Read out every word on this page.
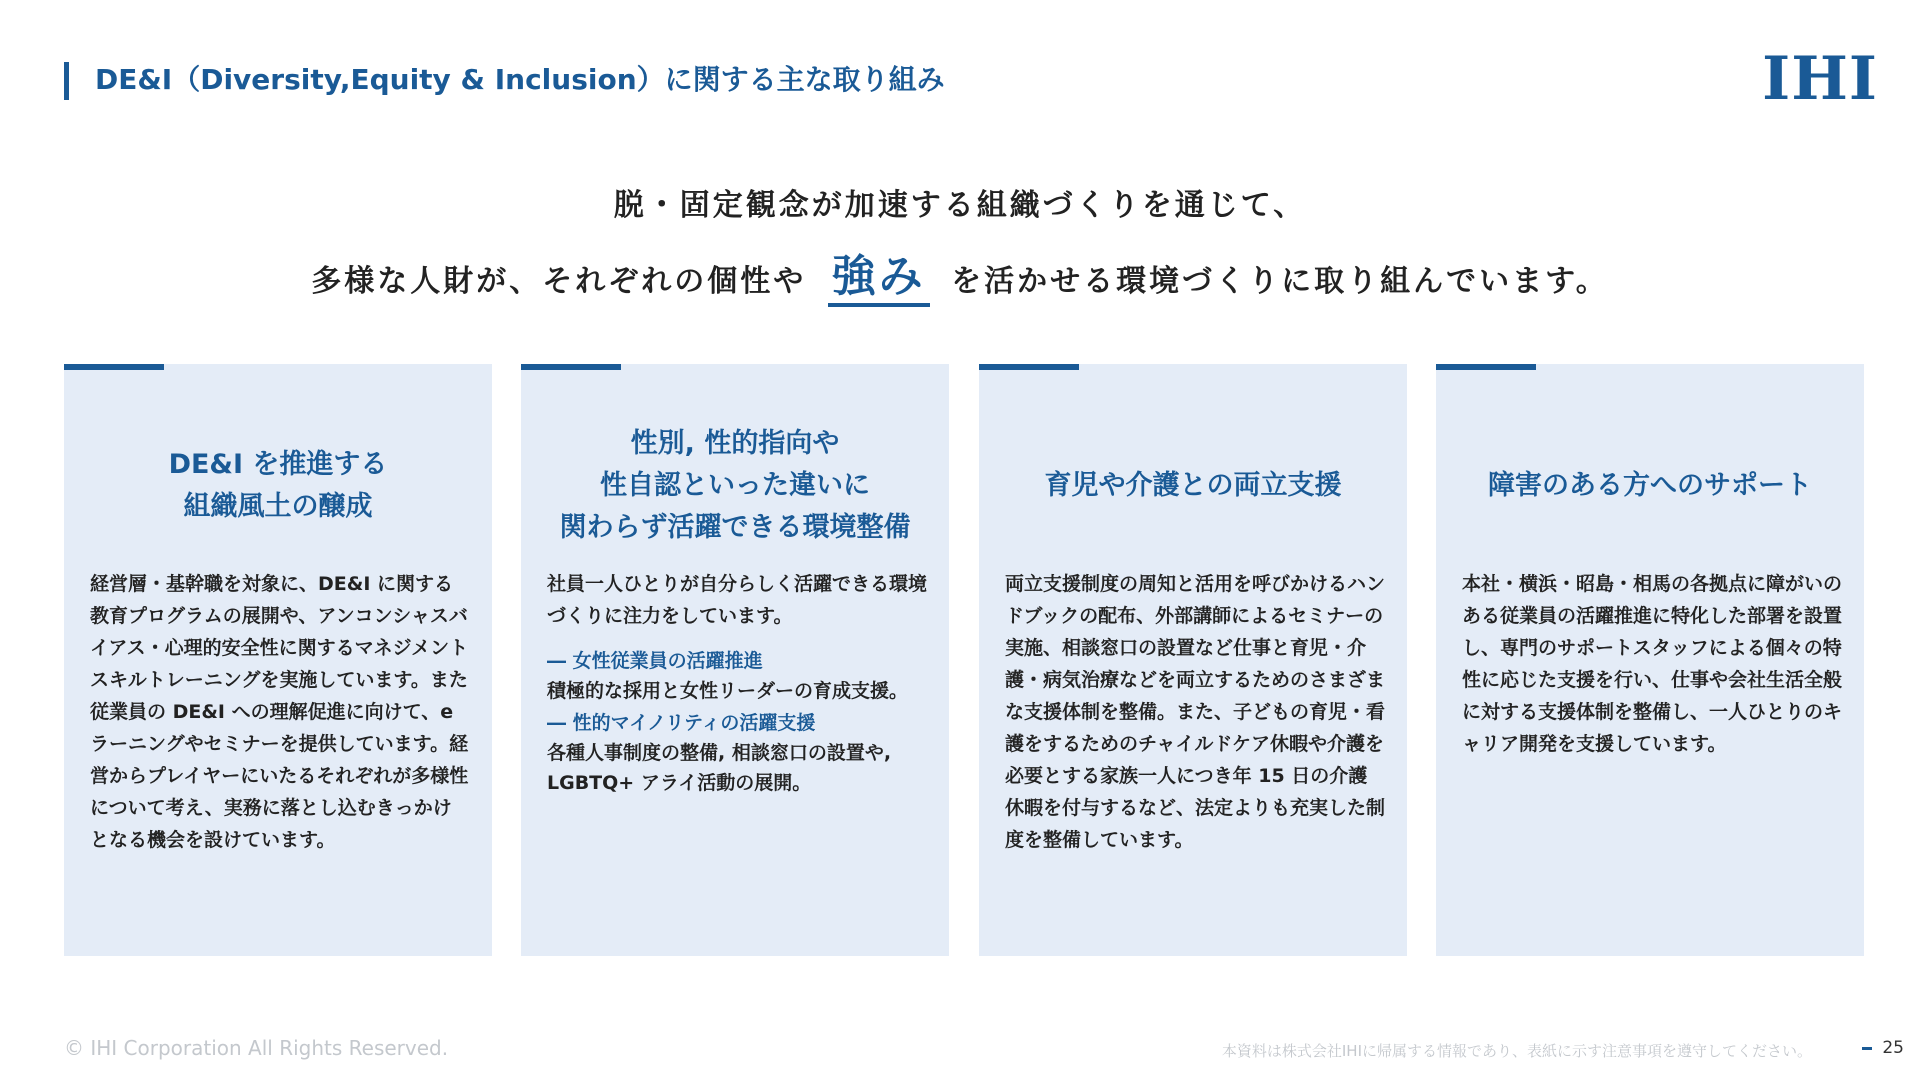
DE&I（Diversity,Equity & Inclusion）に関する主な取り組み	IHI
脱・固定観念が加速する組織づくりを通じて、
多様な人財が、それぞれの個性や 強み を活かせる環境づくりに取り組んでいます。
DE&I を推進する
組織風土の醸成

経営層・基幹職を対象に、DE&I に関する教育プログラムの展開や、アンコンシャスバイアス・心理的安全性に関するマネジメントスキルトレーニングを実施しています。また従業員の DE&I への理解促進に向けて、e ラーニングやセミナーを提供しています。経営からプレイヤーにいたるそれぞれが多様性について考え、実務に落とし込むきっかけとなる機会を設けています。

性別, 性的指向や
性自認といった違いに
関わらず活躍できる環境整備

社員一人ひとりが自分らしく活躍できる環境づくりに注力をしています。

― 女性従業員の活躍推進

積極的な採用と女性リーダーの育成支援。

― 性的マイノリティの活躍支援

各種人事制度の整備, 相談窓口の設置や, LGBTQ+ アライ活動の展開。

育児や介護との両立支援

両立支援制度の周知と活用を呼びかけるハンドブックの配布、外部講師によるセミナーの実施、相談窓口の設置など仕事と育児・介護・病気治療などを両立するためのさまざまな支援体制を整備。また、子どもの育児・看護をするためのチャイルドケア休暇や介護を必要とする家族一人につき年 15 日の介護休暇を付与するなど、法定よりも充実した制度を整備しています。

障害のある方へのサポート

本社・横浜・昭島・相馬の各拠点に障がいのある従業員の活躍推進に特化した部署を設置し、専門のサポートスタッフによる個々の特性に応じた支援を行い、仕事や会社生活全般に対する支援体制を整備し、一人ひとりのキャリア開発を支援しています。

© IHI Corporation All Rights Reserved.	本資料は株式会社IHIに帰属する情報であり、表紙に示す注意事項を遵守してください。	25
